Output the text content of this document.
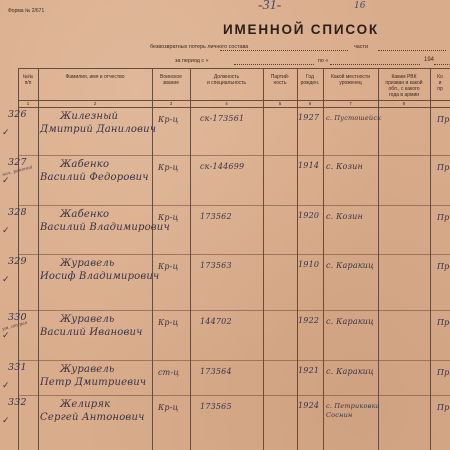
Форма № 2/671	-31-	16
ИМЕННОЙ СПИСОК
безвозвратных потерь личного состава	части
за период с «	по «	194
№№
п/п
1
Фамилия, имя и отчество
2
Воинское
звание
3
Должность
и специальность
4
Партий-
ность
5
Год
рожден.
6
Какой местности
уроженец
7
Каким РВК
призван и какой
обл., с какого
года в армии
8
Ко
и
пр
326
✓
Жилезный
Дмитрий Данилович
Кр-ц	ск-173561	1927 с. Пустошейск	Пр
327
✓
Жабенко
Василий Федорович
Кр-ц	ск-144699	1914 с. Козин
нач. ранений	Пр
328
✓
Жабенко
Василий Владимирович
Кр-ц	173562	1920 с. Козин	Пр
329
✓
Журавель
Иосиф Владимирович
Кр-ц	173563	1910 с. Каракиц	Пр
330
✓
Журавель
Василий Иванович
Кр-ц	144702	1922 с. Каракиц
ум. от ран	Пр
331
✓
Журавель
Петр Дмитриевич
ст-ц	173564	1921 с. Каракиц	Пр
332
✓
Желиряк
Сергей Антонович
Кр-ц	173565	1924 с. Петриковка
Соснин
Пр
